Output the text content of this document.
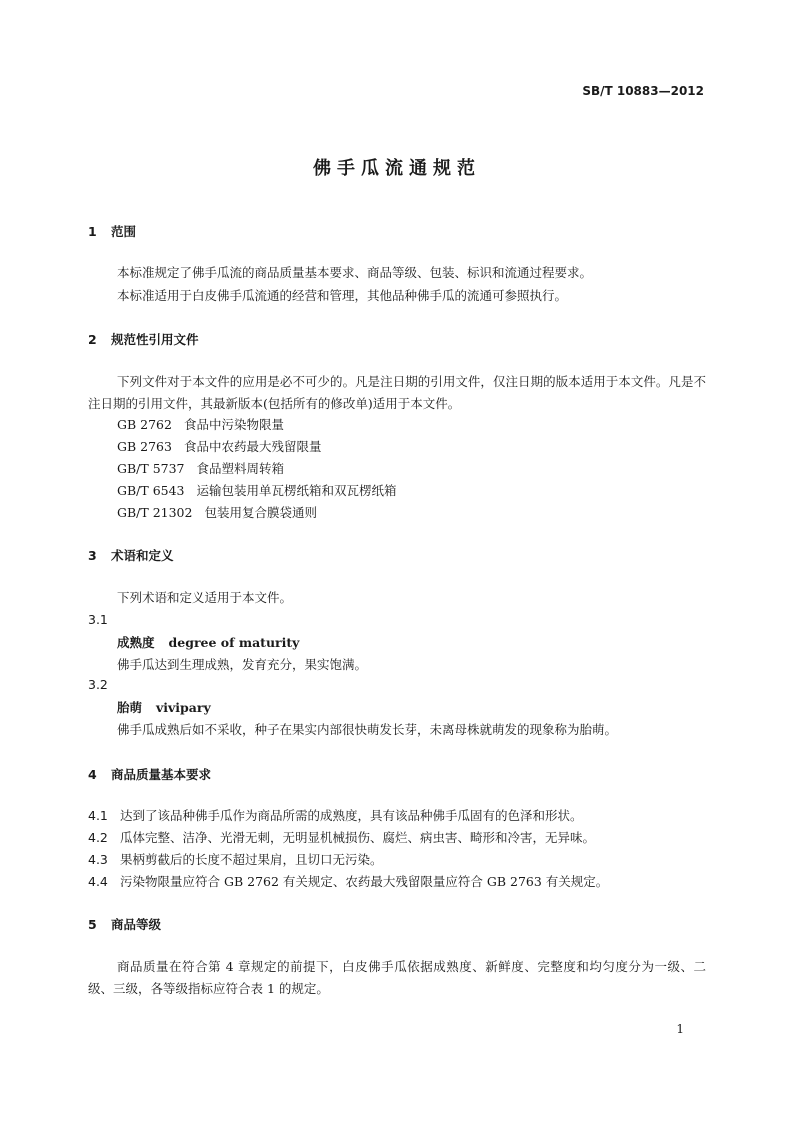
SB/T 10883—2012
佛手瓜流通规范
1 范围
本标准规定了佛手瓜流的商品质量基本要求、商品等级、包装、标识和流通过程要求。
本标准适用于白皮佛手瓜流通的经营和管理，其他品种佛手瓜的流通可参照执行。
2 规范性引用文件
下列文件对于本文件的应用是必不可少的。凡是注日期的引用文件，仅注日期的版本适用于本文件。凡是不注日期的引用文件，其最新版本(包括所有的修改单)适用于本文件。
GB 2762 食品中污染物限量
GB 2763 食品中农药最大残留限量
GB/T 5737 食品塑料周转箱
GB/T 6543 运输包装用单瓦楞纸箱和双瓦楞纸箱
GB/T 21302 包装用复合膜袋通则
3 术语和定义
下列术语和定义适用于本文件。
3.1
成熟度 degree of maturity
佛手瓜达到生理成熟，发育充分，果实饱满。
3.2
胎萌 vivipary
佛手瓜成熟后如不采收，种子在果实内部很快萌发长芽，未离母株就萌发的现象称为胎萌。
4 商品质量基本要求
4.1 达到了该品种佛手瓜作为商品所需的成熟度，具有该品种佛手瓜固有的色泽和形状。
4.2 瓜体完整、洁净、光滑无刺，无明显机械损伤、腐烂、病虫害、畸形和冷害，无异味。
4.3 果柄剪截后的长度不超过果肩，且切口无污染。
4.4 污染物限量应符合 GB 2762 有关规定、农药最大残留限量应符合 GB 2763 有关规定。
5 商品等级
商品质量在符合第 4 章规定的前提下，白皮佛手瓜依据成熟度、新鲜度、完整度和均匀度分为一级、二级、三级，各等级指标应符合表 1 的规定。
1
